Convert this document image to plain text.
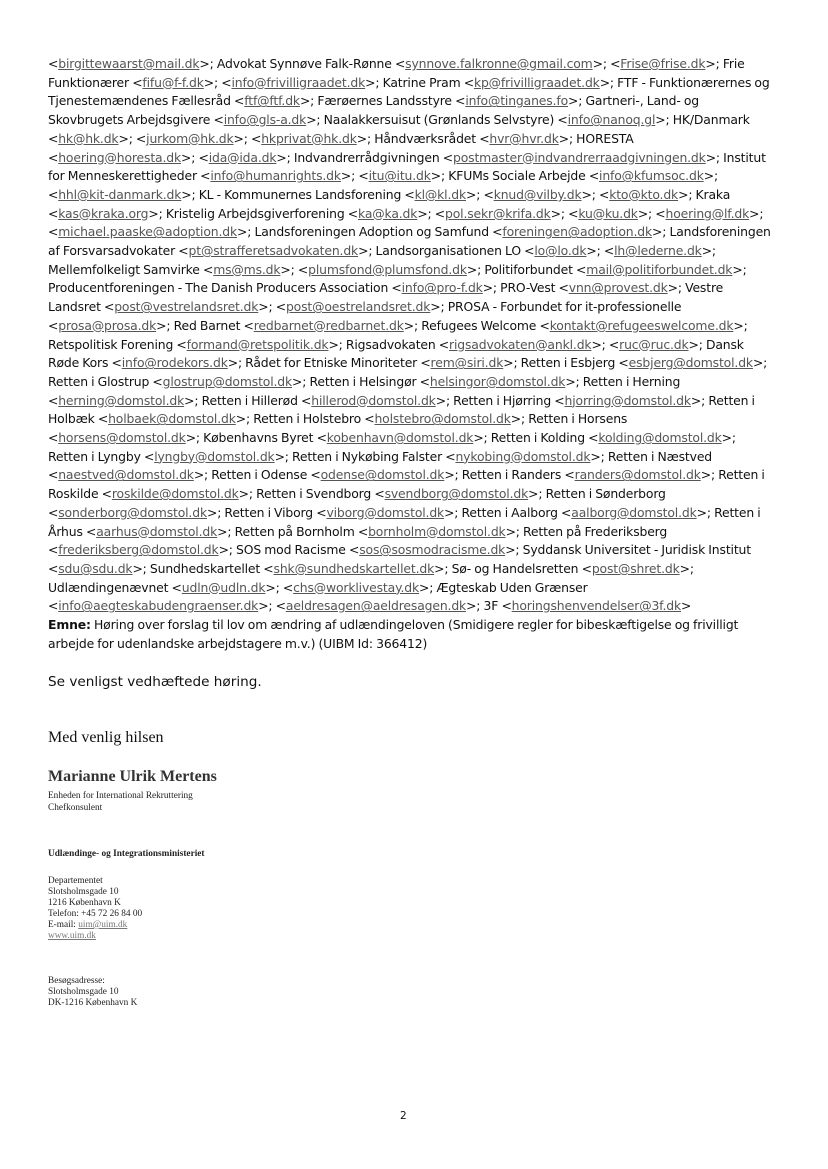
<birgittewaarst@mail.dk>; Advokat Synnøve Falk-Rønne <synnove.falkronne@gmail.com>; <Frise@frise.dk>; Frie Funktionærer <fifu@f-f.dk>; <info@frivilligraadet.dk>; Katrine Pram <kp@frivilligraadet.dk>; FTF - Funktionærernes og Tjenestemændenes Fællesråd <ftf@ftf.dk>; Færøernes Landsstyre <info@tinganes.fo>; Gartneri-, Land- og Skovbrugets Arbejdsgivere <info@gls-a.dk>; Naalakkersuisut (Grønlands Selvstyre) <info@nanoq.gl>; HK/Danmark <hk@hk.dk>; <jurkom@hk.dk>; <hkprivat@hk.dk>; Håndværksrådet <hvr@hvr.dk>; HORESTA <hoering@horesta.dk>; <ida@ida.dk>; Indvandrerrådgivningen <postmaster@indvandrerraadgivningen.dk>; Institut for Menneskerettigheder <info@humanrights.dk>; <itu@itu.dk>; KFUMs Sociale Arbejde <info@kfumsoc.dk>; <hhl@kit-danmark.dk>; KL - Kommunernes Landsforening <kl@kl.dk>; <knud@vilby.dk>; <kto@kto.dk>; Kraka <kas@kraka.org>; Kristelig Arbejdsgiverforening <ka@ka.dk>; <pol.sekr@krifa.dk>; <ku@ku.dk>; <hoering@lf.dk>; <michael.paaske@adoption.dk>; Landsforeningen Adoption og Samfund <foreningen@adoption.dk>; Landsforeningen af Forsvarsadvokater <pt@strafferetsadvokaten.dk>; Landsorganisationen LO <lo@lo.dk>; <lh@lederne.dk>; Mellemfolkeligt Samvirke <ms@ms.dk>; <plumsfond@plumsfond.dk>; Politiforbundet <mail@politiforbundet.dk>; Producentforeningen - The Danish Producers Association <info@pro-f.dk>; PRO-Vest <vnn@provest.dk>; Vestre Landsret <post@vestrelandsret.dk>; <post@oestrelandsret.dk>; PROSA - Forbundet for it-professionelle <prosa@prosa.dk>; Red Barnet <redbarnet@redbarnet.dk>; Refugees Welcome <kontakt@refugeeswelcome.dk>; Retspolitisk Forening <formand@retspolitik.dk>; Rigsadvokaten <rigsadvokaten@ankl.dk>; <ruc@ruc.dk>; Dansk Røde Kors <info@rodekors.dk>; Rådet for Etniske Minoriteter <rem@siri.dk>; Retten i Esbjerg <esbjerg@domstol.dk>; Retten i Glostrup <glostrup@domstol.dk>; Retten i Helsingør <helsingor@domstol.dk>; Retten i Herning <herning@domstol.dk>; Retten i Hillerød <hillerod@domstol.dk>; Retten i Hjørring <hjorring@domstol.dk>; Retten i Holbæk <holbaek@domstol.dk>; Retten i Holstebro <holstebro@domstol.dk>; Retten i Horsens <horsens@domstol.dk>; Københavns Byret <kobenhavn@domstol.dk>; Retten i Kolding <kolding@domstol.dk>; Retten i Lyngby <lyngby@domstol.dk>; Retten i Nykøbing Falster <nykobing@domstol.dk>; Retten i Næstved <naestved@domstol.dk>; Retten i Odense <odense@domstol.dk>; Retten i Randers <randers@domstol.dk>; Retten i Roskilde <roskilde@domstol.dk>; Retten i Svendborg <svendborg@domstol.dk>; Retten i Sønderborg <sonderborg@domstol.dk>; Retten i Viborg <viborg@domstol.dk>; Retten i Aalborg <aalborg@domstol.dk>; Retten i Århus <aarhus@domstol.dk>; Retten på Bornholm <bornholm@domstol.dk>; Retten på Frederiksberg <frederiksberg@domstol.dk>; SOS mod Racisme <sos@sosmodracisme.dk>; Syddansk Universitet - Juridisk Institut <sdu@sdu.dk>; Sundhedskartellet <shk@sundhedskartellet.dk>; Sø- og Handelsretten <post@shret.dk>; Udlændingenævnet <udln@udln.dk>; <chs@worklivestay.dk>; Ægteskab Uden Grænser <info@aegteskabudengraenser.dk>; <aeldresagen@aeldresagen.dk>; 3F <horingshenvendelser@3f.dk>

Emne: Høring over forslag til lov om ændring af udlændingeloven (Smidigere regler for bibeskæftigelse og frivilligt arbejde for udenlandske arbejdstagere m.v.) (UIBM Id: 366412)

Se venligst vedhæftede høring.
Med venlig hilsen
Marianne Ulrik Mertens
Enheden for International Rekruttering
Chefkonsulent
Udlændinge- og Integrationsministeriet
Departementet
Slotsholmsgade 10
1216 København K
Telefon: +45 72 26 84 00
E-mail: uim@uim.dk
www.uim.dk
Besøgsadresse:
Slotsholmsgade 10
DK-1216 København K
2
